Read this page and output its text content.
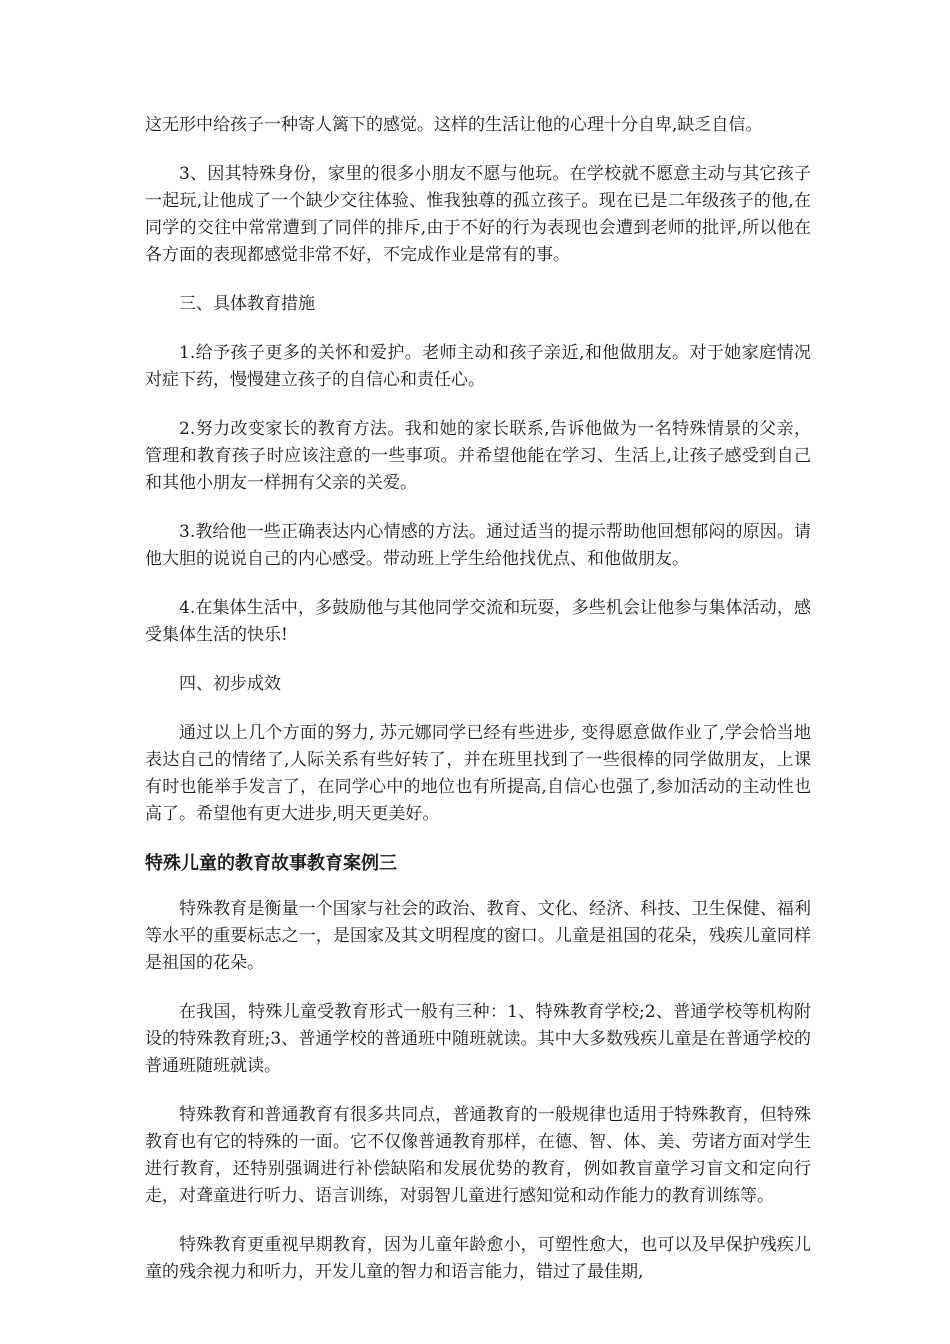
这无形中给孩子一种寄人篱下的感觉。这样的生活让他的心理十分自卑,缺乏自信。

3、因其特殊身份，家里的很多小朋友不愿与他玩。在学校就不愿意主动与其它孩子一起玩,让他成了一个缺少交往体验、惟我独尊的孤立孩子。现在已是二年级孩子的他,在同学的交往中常常遭到了同伴的排斥,由于不好的行为表现也会遭到老师的批评,所以他在各方面的表现都感觉非常不好，不完成作业是常有的事。

三、具体教育措施

1.给予孩子更多的关怀和爱护。老师主动和孩子亲近,和他做朋友。对于她家庭情况对症下药，慢慢建立孩子的自信心和责任心。

2.努力改变家长的教育方法。我和她的家长联系,告诉他做为一名特殊情景的父亲，管理和教育孩子时应该注意的一些事项。并希望他能在学习、生活上,让孩子感受到自己和其他小朋友一样拥有父亲的关爱。

3.教给他一些正确表达内心情感的方法。通过适当的提示帮助他回想郁闷的原因。请他大胆的说说自己的内心感受。带动班上学生给他找优点、和他做朋友。

4.在集体生活中，多鼓励他与其他同学交流和玩耍，多些机会让他参与集体活动，感受集体生活的快乐!

四、初步成效

通过以上几个方面的努力, 苏元娜同学已经有些进步, 变得愿意做作业了,学会恰当地表达自己的情绪了,人际关系有些好转了，并在班里找到了一些很棒的同学做朋友，上课有时也能举手发言了，在同学心中的地位也有所提高,自信心也强了,参加活动的主动性也高了。希望他有更大进步,明天更美好。

特殊儿童的教育故事教育案例三

特殊教育是衡量一个国家与社会的政治、教育、文化、经济、科技、卫生保健、福利等水平的重要标志之一，是国家及其文明程度的窗口。儿童是祖国的花朵，残疾儿童同样是祖国的花朵。

在我国，特殊儿童受教育形式一般有三种：1、特殊教育学校;2、普通学校等机构附设的特殊教育班;3、普通学校的普通班中随班就读。其中大多数残疾儿童是在普通学校的普通班随班就读。

特殊教育和普通教育有很多共同点，普通教育的一般规律也适用于特殊教育，但特殊教育也有它的特殊的一面。它不仅像普通教育那样，在德、智、体、美、劳诸方面对学生进行教育，还特别强调进行补偿缺陷和发展优势的教育，例如教盲童学习盲文和定向行走，对聋童进行听力、语言训练，对弱智儿童进行感知觉和动作能力的教育训练等。

特殊教育更重视早期教育，因为儿童年龄愈小，可塑性愈大，也可以及早保护残疾儿童的残余视力和听力，开发儿童的智力和语言能力，错过了最佳期,
